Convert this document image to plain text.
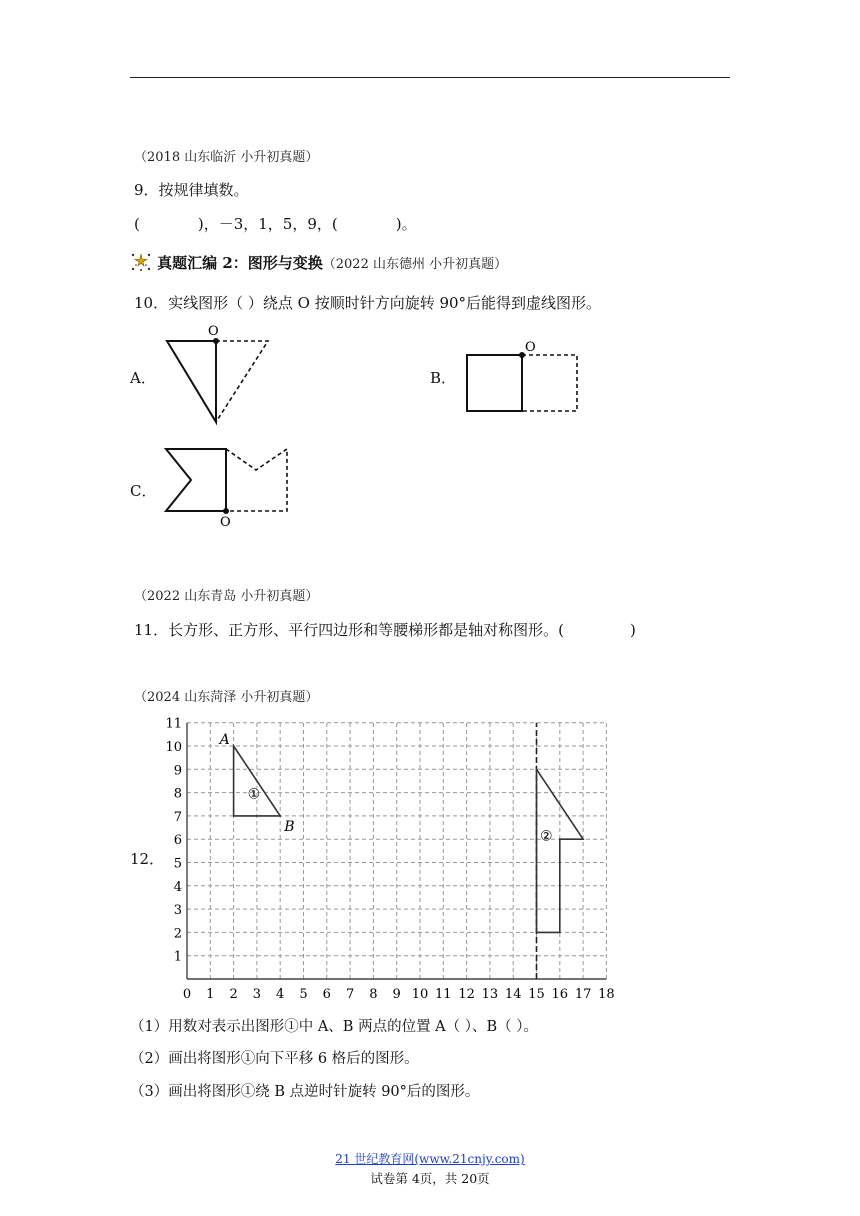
（2018 山东临沂 小升初真题）
9．按规律填数。
(	)，－3，1，5，9，(	)。
真题汇编 2：图形与变换（2022 山东德州 小升初真题）
10．实线图形（ ）绕点 O 按顺时针方向旋转 90°后能得到虚线图形。
A．	B．
C．
O
O
O
（2022 山东青岛 小升初真题）
11．长方形、正方形、平行四边形和等腰梯形都是轴对称图形。(	)
（2024 山东菏泽 小升初真题）
12．
0 1 2 3 4 5 6 7 8 9 10 11 12 13 14 15 16 17 18
1
2
3
4
5
6
7
8
9
10
11
A
B
①
②
（1）用数对表示出图形①中 A、B 两点的位置 A（ ）、B（ ）。
（2）画出将图形①向下平移 6 格后的图形。
（3）画出将图形①绕 B 点逆时针旋转 90°后的图形。
21 世纪教育网(www.21cnjy.com)
试卷第 4页，共 20页
